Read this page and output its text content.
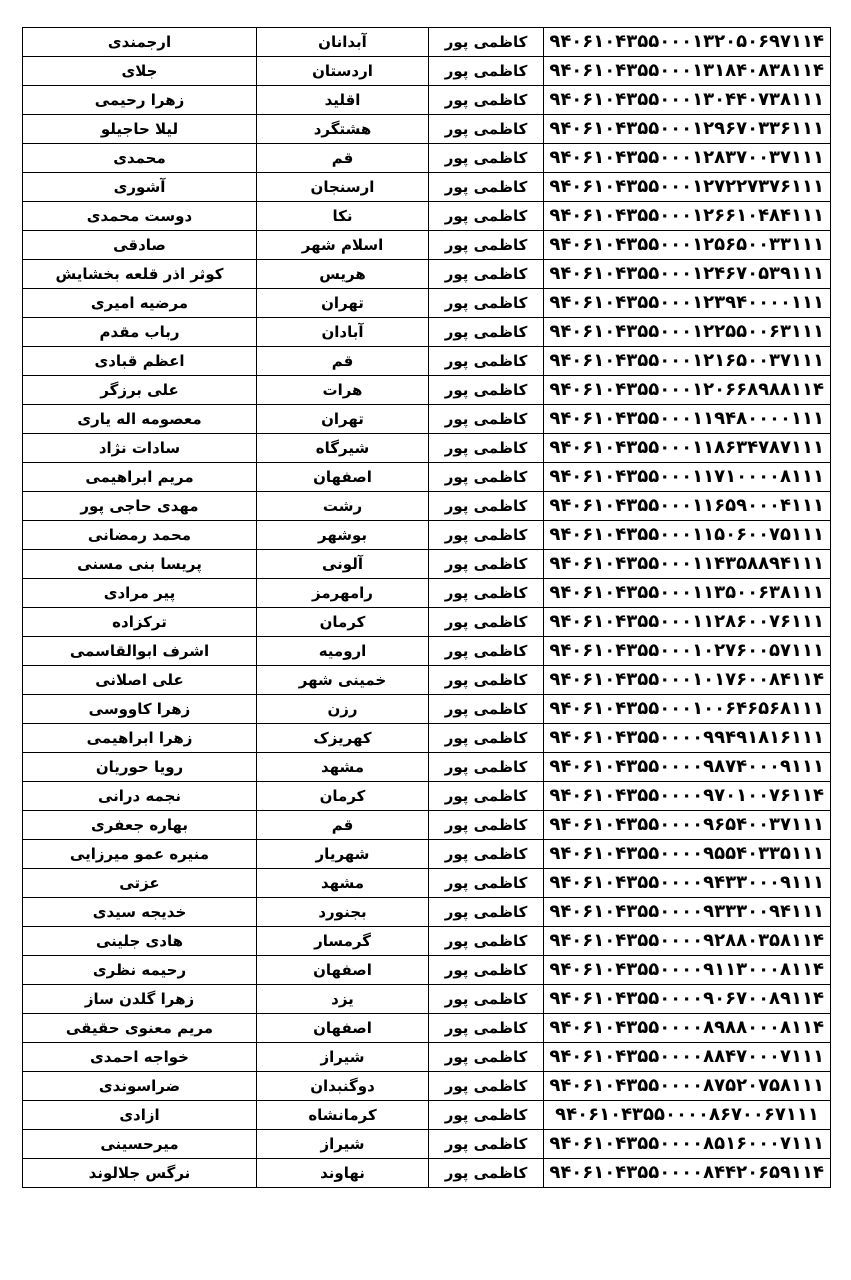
۹۴۰۶۱۰۴۳۵۵۰۰۰۱۳۲۰۵۰۶۹۷۱۱۴	کاظمی پور	آبدانان	ارجمندی
۹۴۰۶۱۰۴۳۵۵۰۰۰۱۳۱۸۴۰۸۳۸۱۱۴	کاظمی پور	اردستان	جلای
۹۴۰۶۱۰۴۳۵۵۰۰۰۱۳۰۴۴۰۷۳۸۱۱۱	کاظمی پور	اقلید	زهرا رحیمی
۹۴۰۶۱۰۴۳۵۵۰۰۰۱۲۹۶۷۰۳۳۶۱۱۱	کاظمی پور	هشتگرد	لیلا حاجیلو
۹۴۰۶۱۰۴۳۵۵۰۰۰۱۲۸۳۷۰۰۳۷۱۱۱	کاظمی پور	قم	محمدی
۹۴۰۶۱۰۴۳۵۵۰۰۰۱۲۷۲۲۷۳۷۶۱۱۱	کاظمی پور	ارسنجان	آشوری
۹۴۰۶۱۰۴۳۵۵۰۰۰۱۲۶۶۱۰۴۸۴۱۱۱	کاظمی پور	نکا	دوست محمدی
۹۴۰۶۱۰۴۳۵۵۰۰۰۱۲۵۶۵۰۰۳۳۱۱۱	کاظمی پور	اسلام شهر	صادقی
۹۴۰۶۱۰۴۳۵۵۰۰۰۱۲۴۶۷۰۵۳۹۱۱۱	کاظمی پور	هریس	کوثر اذر قلعه بخشایش
۹۴۰۶۱۰۴۳۵۵۰۰۰۱۲۳۹۴۰۰۰۰۱۱۱	کاظمی پور	تهران	مرضیه امیری
۹۴۰۶۱۰۴۳۵۵۰۰۰۱۲۲۵۵۰۰۶۳۱۱۱	کاظمی پور	آبادان	رباب مقدم
۹۴۰۶۱۰۴۳۵۵۰۰۰۱۲۱۶۵۰۰۳۷۱۱۱	کاظمی پور	قم	اعظم قبادی
۹۴۰۶۱۰۴۳۵۵۰۰۰۱۲۰۶۶۸۹۸۸۱۱۴	کاظمی پور	هرات	علی برزگر
۹۴۰۶۱۰۴۳۵۵۰۰۰۱۱۹۴۸۰۰۰۰۱۱۱	کاظمی پور	تهران	معصومه اله یاری
۹۴۰۶۱۰۴۳۵۵۰۰۰۱۱۸۶۳۴۷۸۷۱۱۱	کاظمی پور	شیرگاه	سادات نژاد
۹۴۰۶۱۰۴۳۵۵۰۰۰۱۱۷۱۰۰۰۰۸۱۱۱	کاظمی پور	اصفهان	مریم ابراهیمی
۹۴۰۶۱۰۴۳۵۵۰۰۰۱۱۶۵۹۰۰۰۴۱۱۱	کاظمی پور	رشت	مهدی حاجی پور
۹۴۰۶۱۰۴۳۵۵۰۰۰۱۱۵۰۶۰۰۷۵۱۱۱	کاظمی پور	بوشهر	محمد رمضانی
۹۴۰۶۱۰۴۳۵۵۰۰۰۱۱۴۳۵۸۸۹۴۱۱۱	کاظمی پور	آلونی	پریسا بنی مسنی
۹۴۰۶۱۰۴۳۵۵۰۰۰۱۱۳۵۰۰۶۳۸۱۱۱	کاظمی پور	رامهرمز	پیر مرادی
۹۴۰۶۱۰۴۳۵۵۰۰۰۱۱۲۸۶۰۰۷۶۱۱۱	کاظمی پور	کرمان	ترکزاده
۹۴۰۶۱۰۴۳۵۵۰۰۰۱۰۲۷۶۰۰۵۷۱۱۱	کاظمی پور	ارومیه	اشرف ابوالقاسمی
۹۴۰۶۱۰۴۳۵۵۰۰۰۱۰۱۷۶۰۰۸۴۱۱۴	کاظمی پور	خمینی شهر	علی اصلانی
۹۴۰۶۱۰۴۳۵۵۰۰۰۱۰۰۶۴۶۵۶۸۱۱۱	کاظمی پور	رزن	زهرا کاووسی
۹۴۰۶۱۰۴۳۵۵۰۰۰۰۹۹۴۹۱۸۱۶۱۱۱	کاظمی پور	کهریزک	زهرا ابراهیمی
۹۴۰۶۱۰۴۳۵۵۰۰۰۰۹۸۷۴۰۰۰۹۱۱۱	کاظمی پور	مشهد	رویا حوریان
۹۴۰۶۱۰۴۳۵۵۰۰۰۰۹۷۰۱۰۰۷۶۱۱۴	کاظمی پور	کرمان	نجمه درانی
۹۴۰۶۱۰۴۳۵۵۰۰۰۰۹۶۵۴۰۰۳۷۱۱۱	کاظمی پور	قم	بهاره جعفری
۹۴۰۶۱۰۴۳۵۵۰۰۰۰۹۵۵۴۰۳۳۵۱۱۱	کاظمی پور	شهریار	منیره عمو میرزایی
۹۴۰۶۱۰۴۳۵۵۰۰۰۰۹۴۳۳۰۰۰۹۱۱۱	کاظمی پور	مشهد	عزتی
۹۴۰۶۱۰۴۳۵۵۰۰۰۰۹۳۳۳۰۰۹۴۱۱۱	کاظمی پور	بجنورد	خدیجه سیدی
۹۴۰۶۱۰۴۳۵۵۰۰۰۰۹۲۸۸۰۳۵۸۱۱۴	کاظمی پور	گرمسار	هادی جلینی
۹۴۰۶۱۰۴۳۵۵۰۰۰۰۹۱۱۳۰۰۰۸۱۱۴	کاظمی پور	اصفهان	رحیمه نظری
۹۴۰۶۱۰۴۳۵۵۰۰۰۰۹۰۶۷۰۰۸۹۱۱۴	کاظمی پور	یزد	زهرا گلدن ساز
۹۴۰۶۱۰۴۳۵۵۰۰۰۰۸۹۸۸۰۰۰۸۱۱۴	کاظمی پور	اصفهان	مریم معنوی حقیقی
۹۴۰۶۱۰۴۳۵۵۰۰۰۰۸۸۴۷۰۰۰۷۱۱۱	کاظمی پور	شیراز	خواجه احمدی
۹۴۰۶۱۰۴۳۵۵۰۰۰۰۸۷۵۲۰۷۵۸۱۱۱	کاظمی پور	دوگنبدان	ضراسوندی
۹۴۰۶۱۰۴۳۵۵۰۰۰۰۸۶۷۰۰۶۷۱۱۱	کاظمی پور	کرمانشاه	ازادی
۹۴۰۶۱۰۴۳۵۵۰۰۰۰۸۵۱۶۰۰۰۷۱۱۱	کاظمی پور	شیراز	میرحسینی
۹۴۰۶۱۰۴۳۵۵۰۰۰۰۸۴۴۲۰۶۵۹۱۱۴	کاظمی پور	نهاوند	نرگس جلالوند
